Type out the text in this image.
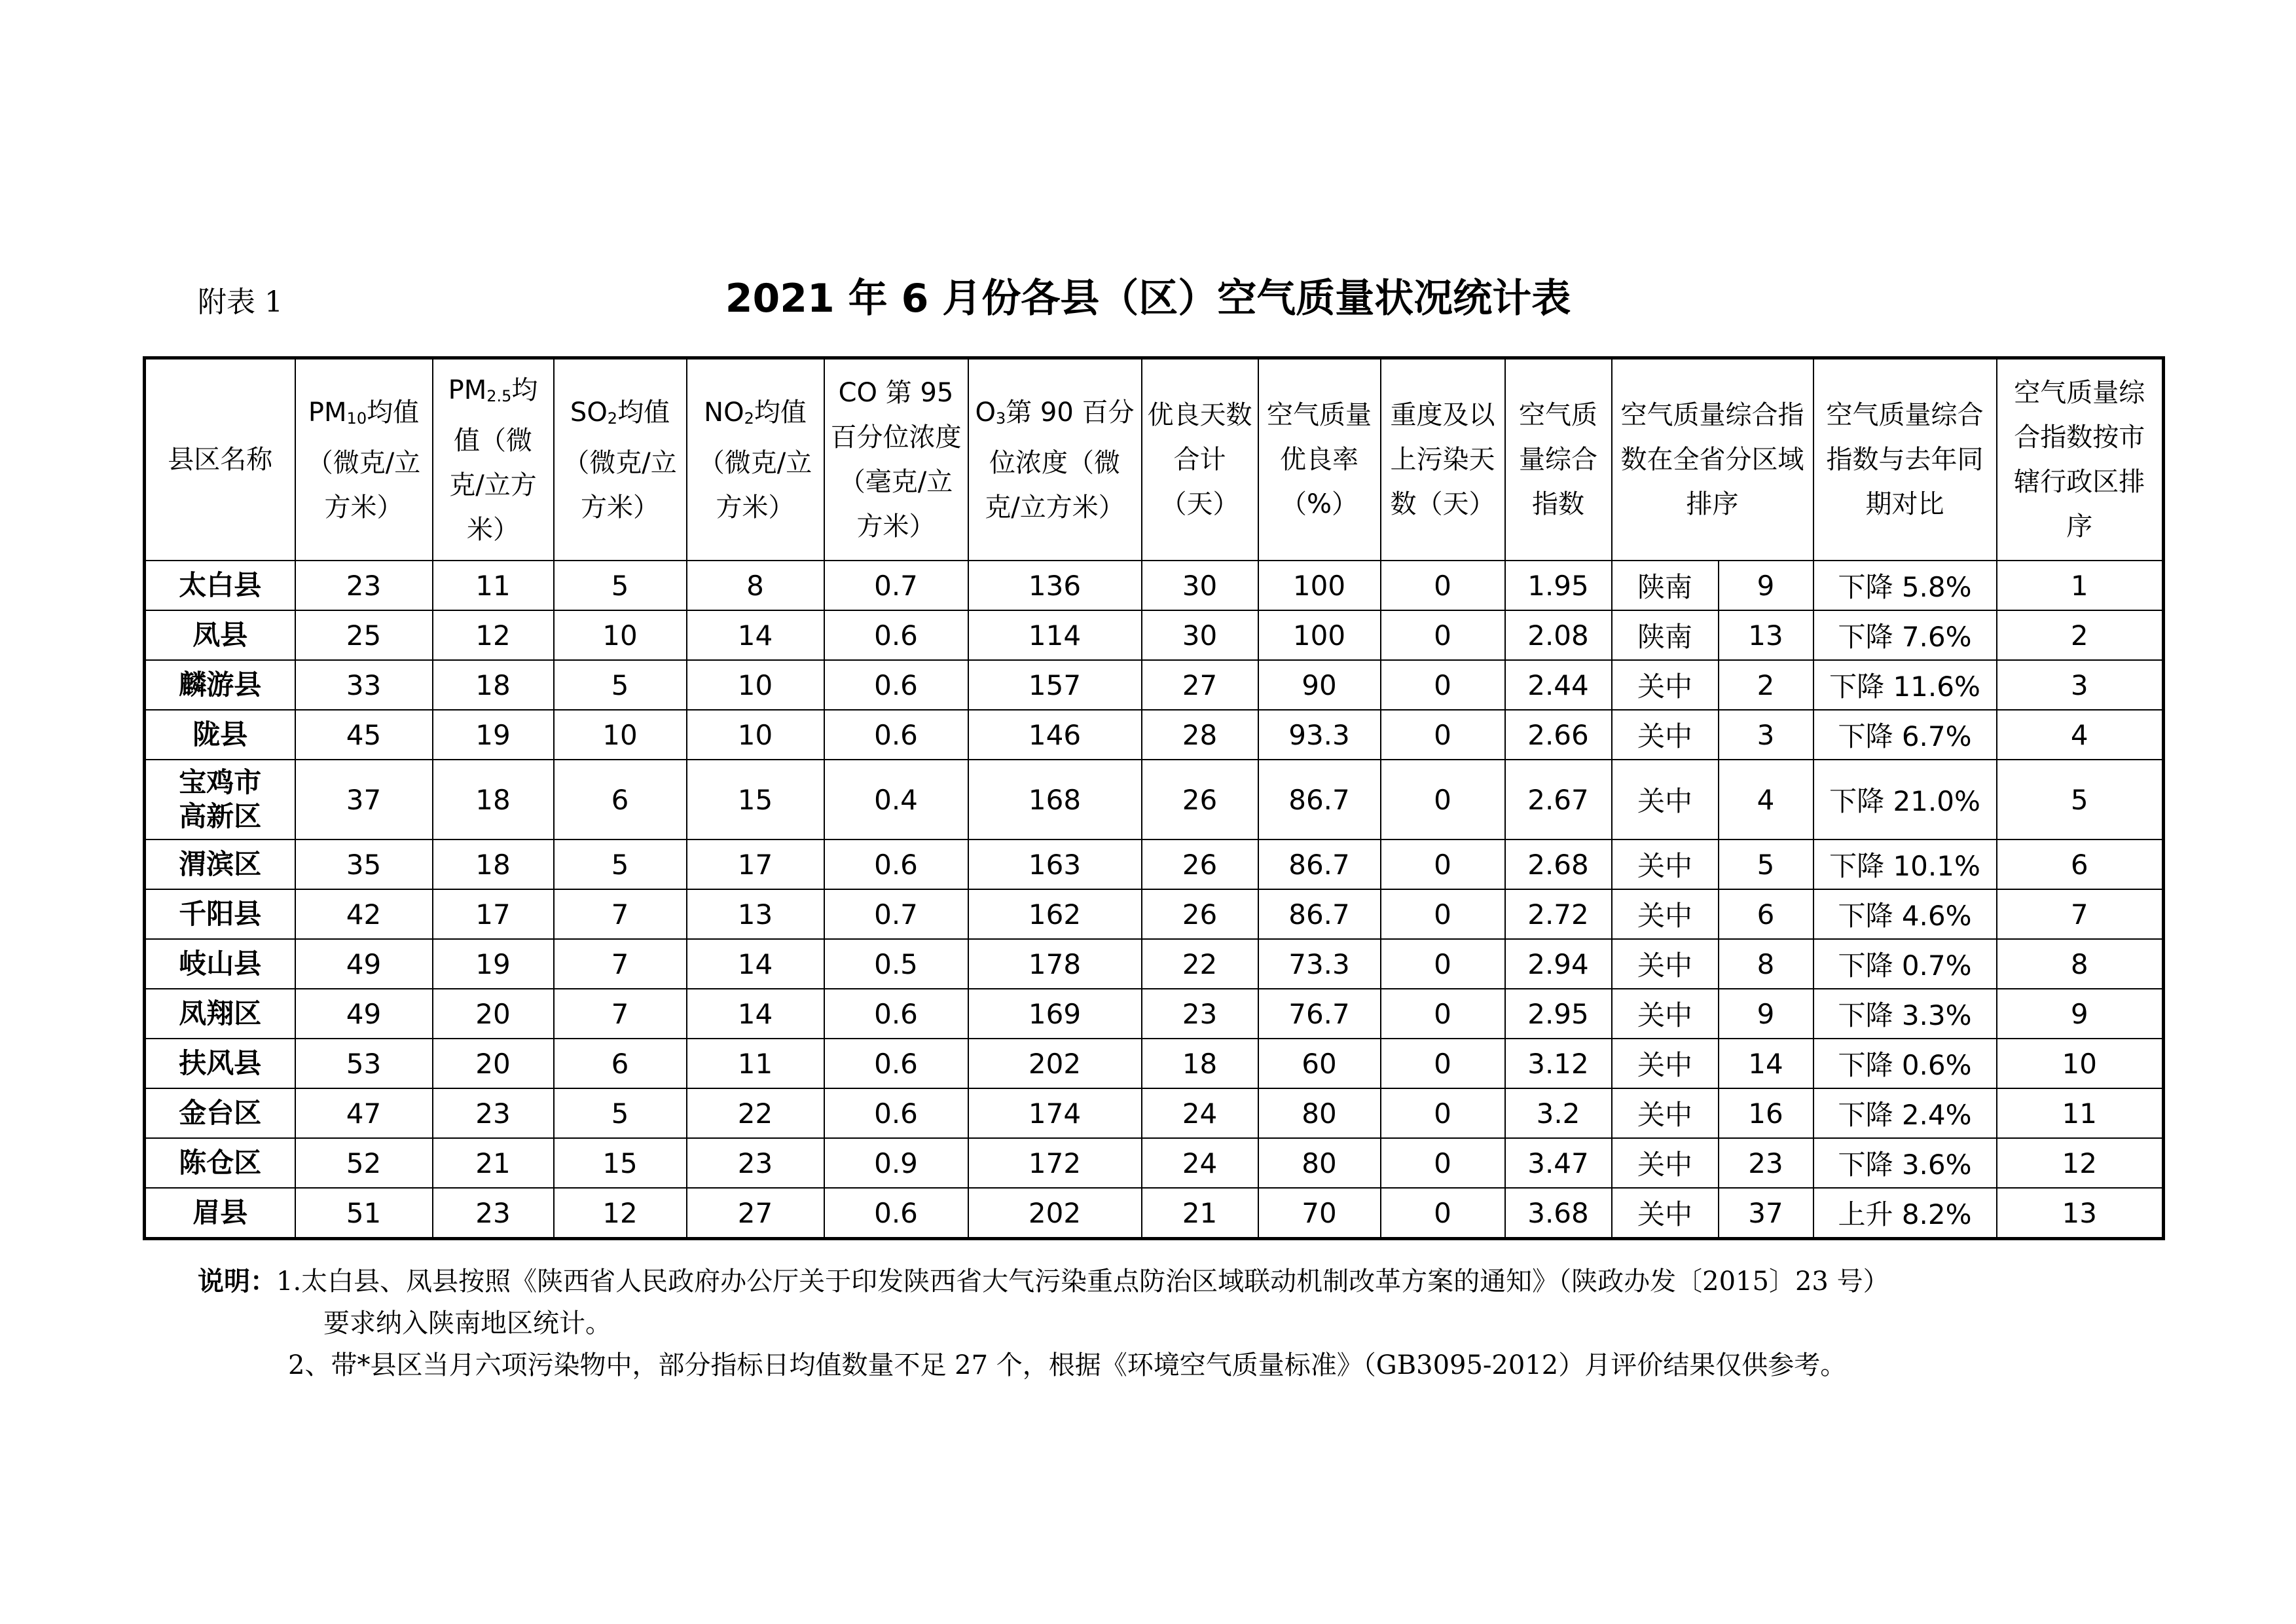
附表 1	2021 年 6 月份各县（区）空气质量状况统计表
县区名称	$PM_{10}$均值（微克/立方米）	$PM_{2.5}$均值（微克/立方米）	$SO_2$均值（微克/立方米）	$NO_2$均值（微克/立方米）	CO 第 95 百分位浓度（毫克/立方米）	$O_3$第 90 百分位浓度（微克/立方米）	优良天数合计（天）	空气质量优良率（%）	重度及以上污染天数（天）	空气质量综合指数	空气质量综合指数在全省分区域排序		空气质量综合指数与去年同期对比	空气质量综合指数按市辖行政区排序
太白县	23	11	5	8	0.7	136	30	100	0	1.95	陕南	9	下降 5.8%	1
凤县	25	12	10	14	0.6	114	30	100	0	2.08	陕南	13	下降 7.6%	2
麟游县	33	18	5	10	0.6	157	27	90	0	2.44	关中	2	下降 11.6%	3
陇县	45	19	10	10	0.6	146	28	93.3	0	2.66	关中	3	下降 6.7%	4
宝鸡市高新区	37	18	6	15	0.4	168	26	86.7	0	2.67	关中	4	下降 21.0%	5
渭滨区	35	18	5	17	0.6	163	26	86.7	0	2.68	关中	5	下降 10.1%	6
千阳县	42	17	7	13	0.7	162	26	86.7	0	2.72	关中	6	下降 4.6%	7
岐山县	49	19	7	14	0.5	178	22	73.3	0	2.94	关中	8	下降 0.7%	8
凤翔区	49	20	7	14	0.6	169	23	76.7	0	2.95	关中	9	下降 3.3%	9
扶风县	53	20	6	11	0.6	202	18	60	0	3.12	关中	14	下降 0.6%	10
金台区	47	23	5	22	0.6	174	24	80	0	3.2	关中	16	下降 2.4%	11
陈仓区	52	21	15	23	0.9	172	24	80	0	3.47	关中	23	下降 3.6%	12
眉县	51	23	12	27	0.6	202	21	70	0	3.68	关中	37	上升 8.2%	13
说明：1.太白县、凤县按照《陕西省人民政府办公厅关于印发陕西省大气污染重点防治区域联动机制改革方案的通知》（陕政办发〔2015〕23 号）
要求纳入陕南地区统计。
2、带*县区当月六项污染物中，部分指标日均值数量不足 27 个，根据《环境空气质量标准》（GB3095-2012）月评价结果仅供参考。
